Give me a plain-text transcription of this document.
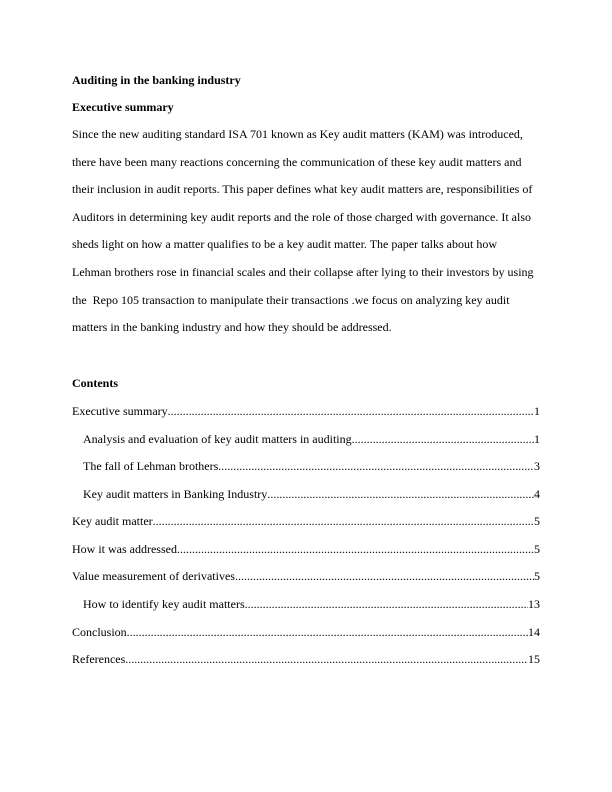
Auditing in the banking industry
Executive summary
Since the new auditing standard ISA 701 known as Key audit matters (KAM) was introduced,
there have been many reactions concerning the communication of these key audit matters and
their inclusion in audit reports. This paper defines what key audit matters are, responsibilities of
Auditors in determining key audit reports and the role of those charged with governance. It also
sheds light on how a matter qualifies to be a key audit matter. The paper talks about how
Lehman brothers rose in financial scales and their collapse after lying to their investors by using
the  Repo 105 transaction to manipulate their transactions .we focus on analyzing key audit
matters in the banking industry and how they should be addressed.
Contents
Executive summary .....	1
Analysis and evaluation of key audit matters in auditing .....	1
The fall of Lehman brothers .....	3
Key audit matters in Banking Industry .....	4
Key audit matter .....	5
How it was addressed .....	5
Value measurement of derivatives .....	5
How to identify key audit matters .....	13
Conclusion .....	14
References .....	15
